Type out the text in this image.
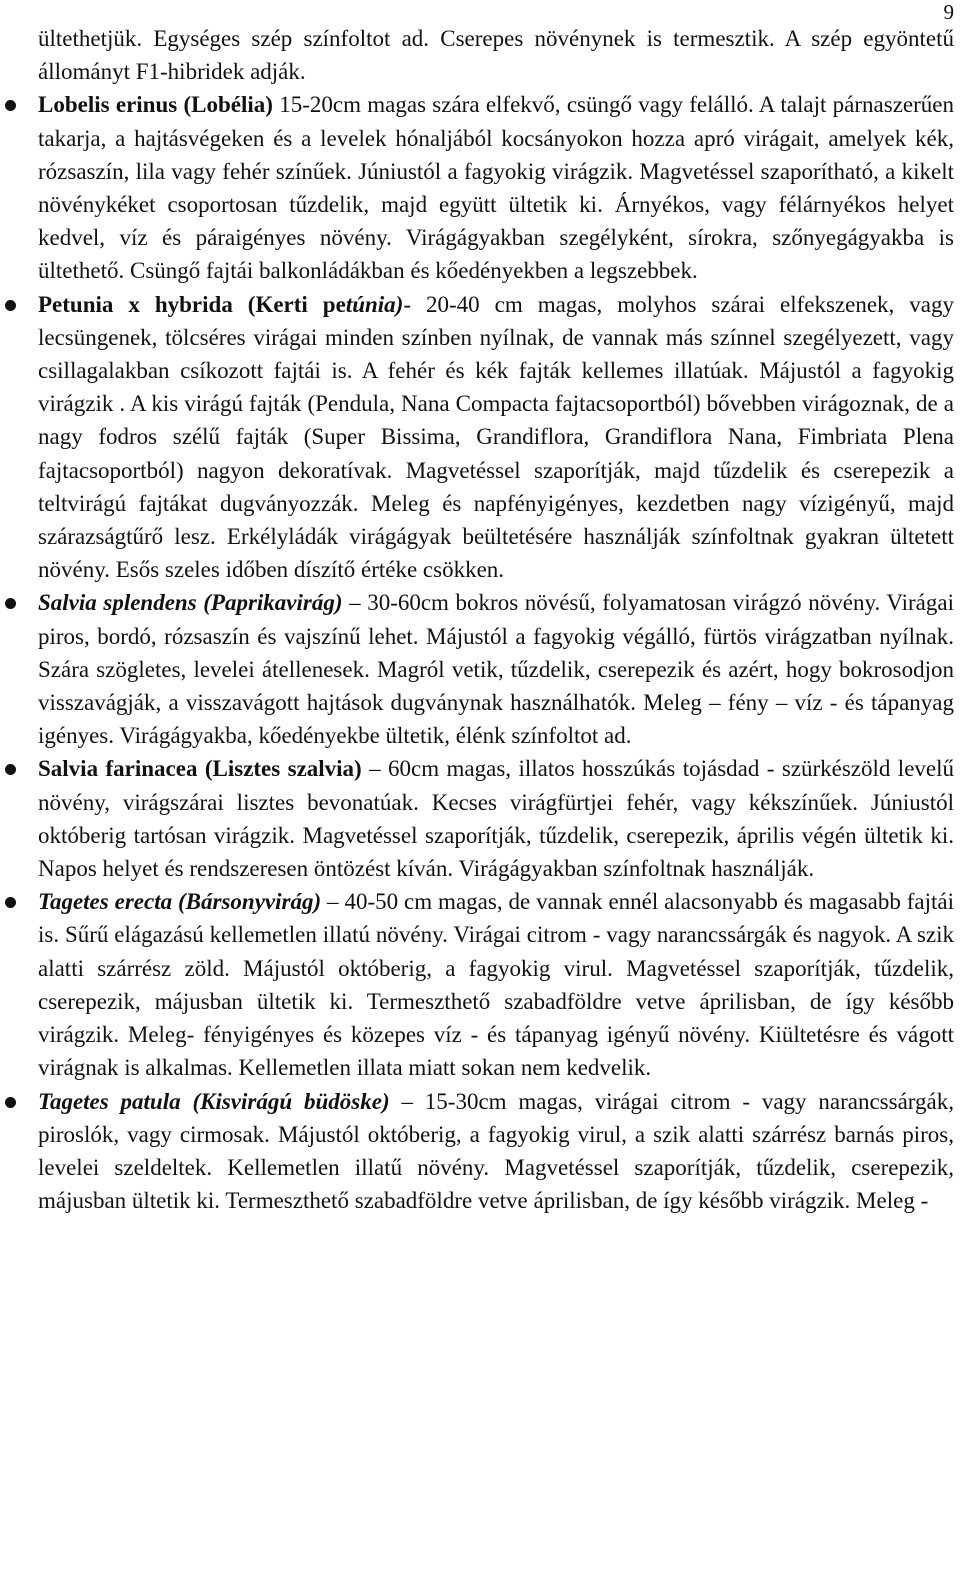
9

ültethetjük. Egységes szép színfoltot ad. Cserepes növénynek is termesztik. A szép egyöntetű állományt F1-hibridek adják.

Lobelis erinus (Lobélia) 15-20cm magas szára elfekvő, csüngő vagy felálló. A talajt párnaszerűen takarja, a hajtásvégeken és a levelek hónaljából kocsányokon hozza apró virágait, amelyek kék, rózsaszín, lila vagy fehér színűek. Júniustól a fagyokig virágzik. Magvetéssel szaporítható, a kikelt növénykéket csoportosan tűzdelik, majd együtt ültetik ki. Árnyékos, vagy félárnyékos helyet kedvel, víz és páraigényes növény. Virágágyakban szegélyként, sírokra, szőnyegágyakba is ültethető. Csüngő fajtái balkonládákban és kőedényekben a legszebbek.

Petunia x hybrida (Kerti petúnia)- 20-40 cm magas, molyhos szárai elfekszenek, vagy lecsüngenek, tölcséres virágai minden színben nyílnak, de vannak más színnel szegélyezett, vagy csillagalakban csíkozott fajtái is. A fehér és kék fajták kellemes illatúak. Májustól a fagyokig virágzik . A kis virágú fajták (Pendula, Nana Compacta fajtacsoportból) bővebben virágoznak, de a nagy fodros szélű fajták (Super Bissima, Grandiflora, Grandiflora Nana, Fimbriata Plena fajtacsoportból) nagyon dekoratívak. Magvetéssel szaporítják, majd tűzdelik és cserepezik a teltvirágú fajtákat dugványozzák. Meleg és napfényigényes, kezdetben nagy vízigényű, majd szárazságtűrő lesz. Erkélyládák virágágyak beültetésére használják színfoltnak gyakran ültetett növény. Esős szeles időben díszítő értéke csökken.

Salvia splendens (Paprikavirág) – 30-60cm bokros növésű, folyamatosan virágzó növény. Virágai piros, bordó, rózsaszín és vajszínű lehet. Májustól a fagyokig végálló, fürtös virágzatban nyílnak. Szára szögletes, levelei átellenesek. Magról vetik, tűzdelik, cserepezik és azért, hogy bokrosodjon visszavágják, a visszavágott hajtások dugványnak használhatók. Meleg – fény – víz - és tápanyag igényes. Virágágyakba, kőedényekbe ültetik, élénk színfoltot ad.

Salvia farinacea (Lisztes szalvia) – 60cm magas, illatos hosszúkás tojásdad - szürkészöld levelű növény, virágszárai lisztes bevonatúak. Kecses virágfürtjei fehér, vagy kékszínűek. Júniustól októberig tartósan virágzik. Magvetéssel szaporítják, tűzdelik, cserepezik, április végén ültetik ki. Napos helyet és rendszeresen öntözést kíván. Virágágyakban színfoltnak használják.

Tagetes erecta (Bársonyvirág) – 40-50 cm magas, de vannak ennél alacsonyabb és magasabb fajtái is. Sűrű elágazású kellemetlen illatú növény. Virágai citrom - vagy narancssárgák és nagyok. A szik alatti szárrész zöld. Májustól októberig, a fagyokig virul. Magvetéssel szaporítják, tűzdelik, cserepezik, májusban ültetik ki. Termeszthető szabadföldre vetve áprilisban, de így később virágzik. Meleg- fényigényes és közepes víz - és tápanyag igényű növény. Kiültetésre és vágott virágnak is alkalmas. Kellemetlen illata miatt sokan nem kedvelik.

Tagetes patula (Kisvirágú büdöske) – 15-30cm magas, virágai citrom - vagy narancssárgák, piroslók, vagy cirmosak. Májustól októberig, a fagyokig virul, a szik alatti szárrész barnás piros, levelei szeldeltek. Kellemetlen illatű növény. Magvetéssel szaporítják, tűzdelik, cserepezik, májusban ültetik ki. Termeszthető szabadföldre vetve áprilisban, de így később virágzik. Meleg -
